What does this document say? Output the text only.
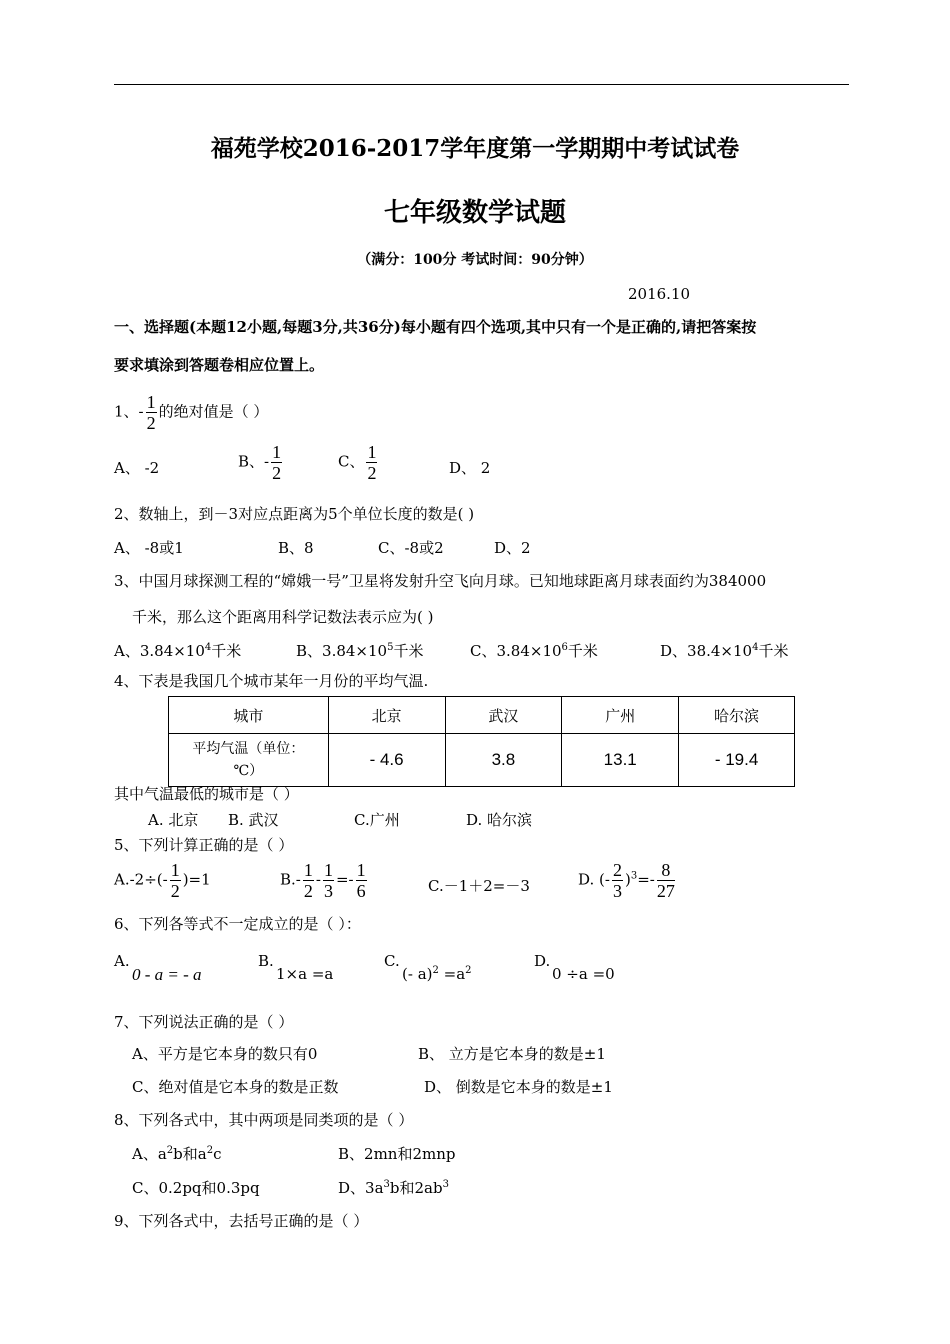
福苑学校2016-2017学年度第一学期期中考试试卷
七年级数学试题
（满分：100分 考试时间：90分钟）
2016.10
一、选择题(本题12小题,每题3分,共36分)每小题有四个选项,其中只有一个是正确的,请把答案按
要求填涂到答题卷相应位置上。
1、- $\frac{1}{2}$ 的绝对值是（ ）
A、 -2	B、- $\frac{1}{2}$	C、 $\frac{1}{2}$	D、 2
2、数轴上，到－3对应点距离为5个单位长度的数是( )
A、 -8或1	B、8	C、-8或2	D、2
3、中国月球探测工程的“嫦娥一号”卫星将发射升空飞向月球。已知地球距离月球表面约为384000
千米，那么这个距离用科学记数法表示应为( )
A、$3.84\times 10^4$千米	B、$3.84\times 10^5$千米	C、$3.84\times 10^6$千米	D、$38.4\times 10^4$千米
4、下表是我国几个城市某年一月份的平均气温.
城市	北京	武汉	广州	哈尔滨
平均气温（单位：
℃）	- 4.6	3.8	13.1	- 19.4
其中气温最低的城市是（ ）
A. 北京 B. 武汉	C.广州	D. 哈尔滨
5、下列计算正确的是（ ）
$A.-2\div(- \frac{1}{2} )=1$	$B.- \frac{1}{2} - \frac{1}{3} =- \frac{1}{6}$	C.－1＋2=－3	D. (- $\frac{2}{3} )^3=- \frac{8}{27}$
6、下列各等式不一定成立的是（ ）：
A.
0 - a = - a
B.
1×a =a
C.
(- $a)^2 =a^2$
D.
0 ÷a =0
7、下列说法正确的是（ ）
A、平方是它本身的数只有0	B、 立方是它本身的数是±1
C、绝对值是它本身的数是正数	D、 倒数是它本身的数是±1
8、下列各式中，其中两项是同类项的是（ ）
A、$a^2b$和$a^2c$	B、2mn和2mnp
C、0.2pq和0.3pq	D、$3a^3b$和$2ab^3$
9、下列各式中，去括号正确的是（ ）
